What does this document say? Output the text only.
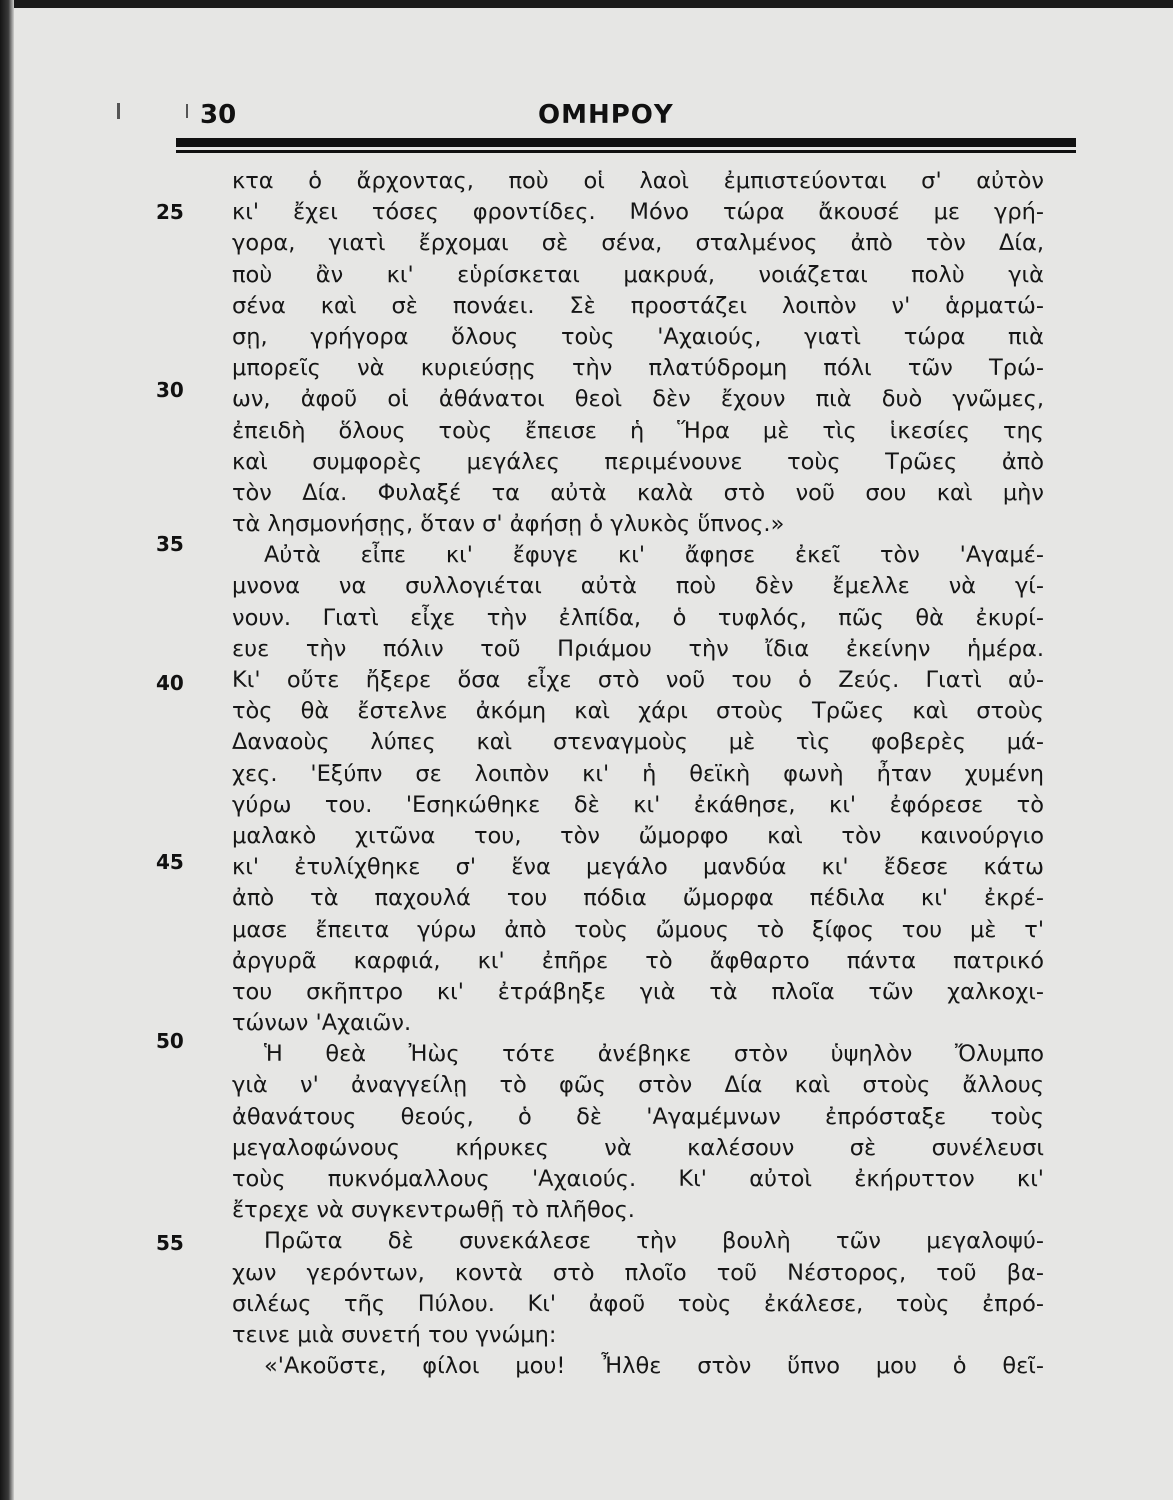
30	ΟΜΗΡΟΥ
25
30
35
40
45
50
55
κτα ὁ ἄρχοντας, ποὺ οἱ λαοὶ ἐμπιστεύονται σ' αὐτὸν
κι' ἔχει τόσες φροντίδες. Μόνο τώρα ἄκουσέ με γρή-
γορα, γιατὶ ἔρχομαι σὲ σένα, σταλμένος ἀπὸ τὸν Δία,
ποὺ ἂν κι' εὑρίσκεται μακρυά, νοιάζεται πολὺ γιὰ
σένα καὶ σὲ πονάει. Σὲ προστάζει λοιπὸν ν' ἁρματώ-
σῃ, γρήγορα ὅλους τοὺς 'Αχαιούς, γιατὶ τώρα πιὰ
μπορεῖς νὰ κυριεύσῃς τὴν πλατύδρομη πόλι τῶν Τρώ-
ων, ἀφοῦ οἱ ἀθάνατοι θεοὶ δὲν ἔχουν πιὰ δυὸ γνῶμες,
ἐπειδὴ ὅλους τοὺς ἔπεισε ἡ Ἥρα μὲ τὶς ἱκεσίες της
καὶ συμφορὲς μεγάλες περιμένουνε τοὺς Τρῶες ἀπὸ
τὸν Δία. Φυλαξέ τα αὐτὰ καλὰ στὸ νοῦ σου καὶ μὴν
τὰ λησμονήσῃς, ὅταν σ' ἀφήσῃ ὁ γλυκὸς ὕπνος.»
Αὐτὰ εἶπε κι' ἔφυγε κι' ἄφησε ἐκεῖ τὸν 'Αγαμέ-
μνονα να συλλογιέται αὐτὰ ποὺ δὲν ἔμελλε νὰ γί-
νουν. Γιατὶ εἶχε τὴν ἐλπίδα, ὁ τυφλός, πῶς θὰ ἐκυρί-
ευε τὴν πόλιν τοῦ Πριάμου τὴν ἴδια ἐκείνην ἡμέρα.
Κι' οὔτε ἤξερε ὅσα εἶχε στὸ νοῦ του ὁ Ζεύς. Γιατὶ αὐ-
τὸς θὰ ἔστελνε ἀκόμη καὶ χάρι στοὺς Τρῶες καὶ στοὺς
Δαναοὺς λύπες καὶ στεναγμοὺς μὲ τὶς φοβερὲς μά-
χες. 'Εξύπν σε λοιπὸν κι' ἡ θεϊκὴ φωνὴ ἦταν χυμένη
γύρω του. 'Εσηκώθηκε δὲ κι' ἐκάθησε, κι' ἐφόρεσε τὸ
μαλακὸ χιτῶνα του, τὸν ὤμορφο καὶ τὸν καινούργιο
κι' ἐτυλίχθηκε σ' ἕνα μεγάλο μανδύα κι' ἔδεσε κάτω
ἀπὸ τὰ παχουλά του πόδια ὤμορφα πέδιλα κι' ἐκρέ-
μασε ἔπειτα γύρω ἀπὸ τοὺς ὤμους τὸ ξίφος του μὲ τ'
ἀργυρᾶ καρφιά, κι' ἐπῆρε τὸ ἄφθαρτο πάντα πατρικό
του σκῆπτρο κι' ἐτράβηξε γιὰ τὰ πλοῖα τῶν χαλκοχι-
τώνων 'Αχαιῶν.
Ἡ θεὰ Ἠὼς τότε ἀνέβηκε στὸν ὑψηλὸν Ὄλυμπο
γιὰ ν' ἀναγγείλῃ τὸ φῶς στὸν Δία καὶ στοὺς ἄλλους
ἀθανάτους θεούς, ὁ δὲ 'Αγαμέμνων ἐπρόσταξε τοὺς
μεγαλοφώνους κήρυκες νὰ καλέσουν σὲ συνέλευσι
τοὺς πυκνόμαλλους 'Αχαιούς. Κι' αὐτοὶ ἐκήρυττον κι'
ἔτρεχε νὰ συγκεντρωθῇ τὸ πλῆθος.
Πρῶτα δὲ συνεκάλεσε τὴν βουλὴ τῶν μεγαλοψύ-
χων γερόντων, κοντὰ στὸ πλοῖο τοῦ Νέστορος, τοῦ βα-
σιλέως τῆς Πύλου. Κι' ἀφοῦ τοὺς ἐκάλεσε, τοὺς ἐπρό-
τεινε μιὰ συνετή του γνώμη:
«'Ακοῦστε, φίλοι μου! Ἦλθε στὸν ὕπνο μου ὁ θεῖ-
